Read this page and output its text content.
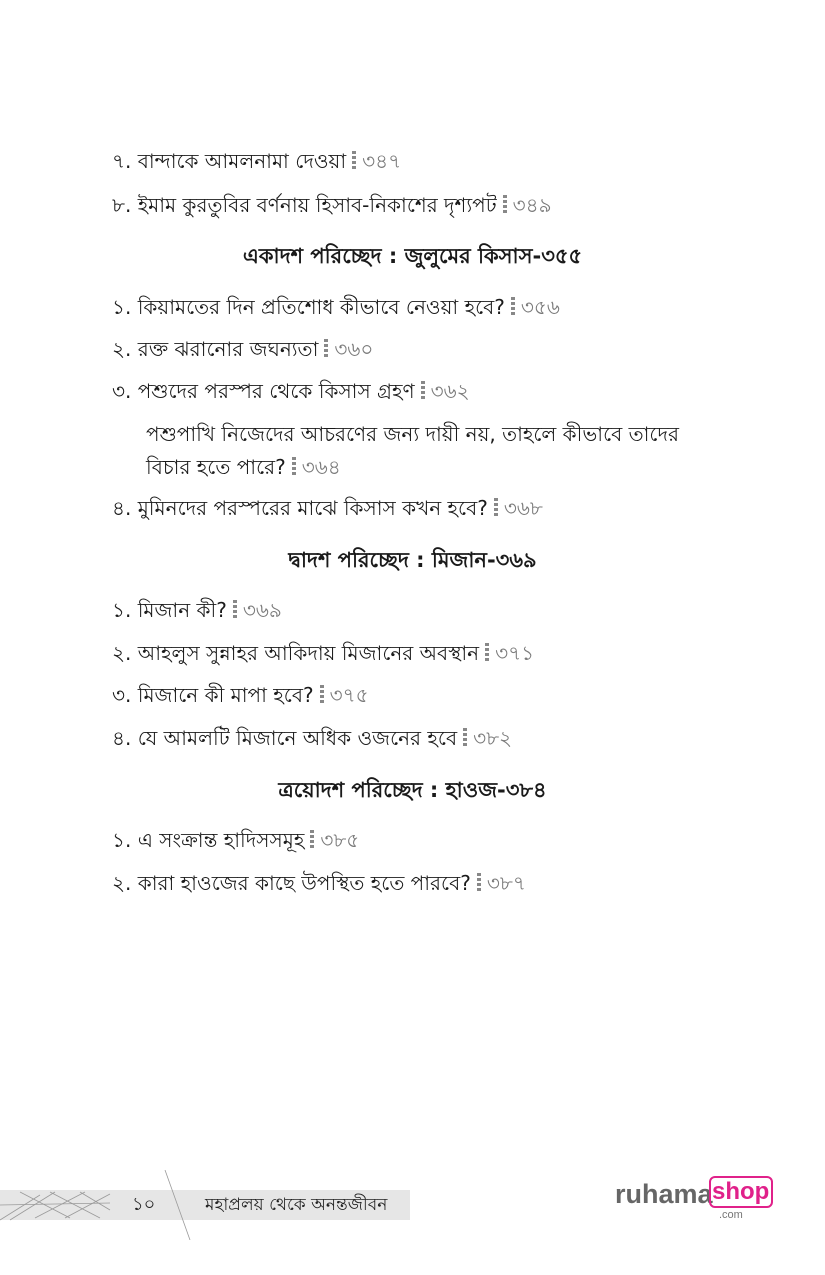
৭. বান্দাকে আমলনামা দেওয়া ৩৪৭
৮. ইমাম কুরতুবির বর্ণনায় হিসাব-নিকাশের দৃশ্যপট ৩৪৯
একাদশ পরিচ্ছেদ : জুলুমের কিসাস-৩৫৫
১. কিয়ামতের দিন প্রতিশোধ কীভাবে নেওয়া হবে? ৩৫৬
২. রক্ত ঝরানোর জঘন্যতা ৩৬০
৩. পশুদের পরস্পর থেকে কিসাস গ্রহণ ৩৬২
পশুপাখি নিজেদের আচরণের জন্য দায়ী নয়, তাহলে কীভাবে তাদের বিচার হতে পারে? ৩৬৪
৪. মুমিনদের পরস্পরের মাঝে কিসাস কখন হবে? ৩৬৮
দ্বাদশ পরিচ্ছেদ : মিজান-৩৬৯
১. মিজান কী? ৩৬৯
২. আহলুস সুন্নাহর আকিদায় মিজানের অবস্থান ৩৭১
৩. মিজানে কী মাপা হবে? ৩৭৫
৪. যে আমলটি মিজানে অধিক ওজনের হবে ৩৮২
ত্রয়োদশ পরিচ্ছেদ : হাওজ-৩৮৪
১. এ সংক্রান্ত হাদিসসমূহ ৩৮৫
২. কারা হাওজের কাছে উপস্থিত হতে পারবে? ৩৮৭
১০	মহাপ্রলয় থেকে অনন্তজীবন	ruhama shop
.com
